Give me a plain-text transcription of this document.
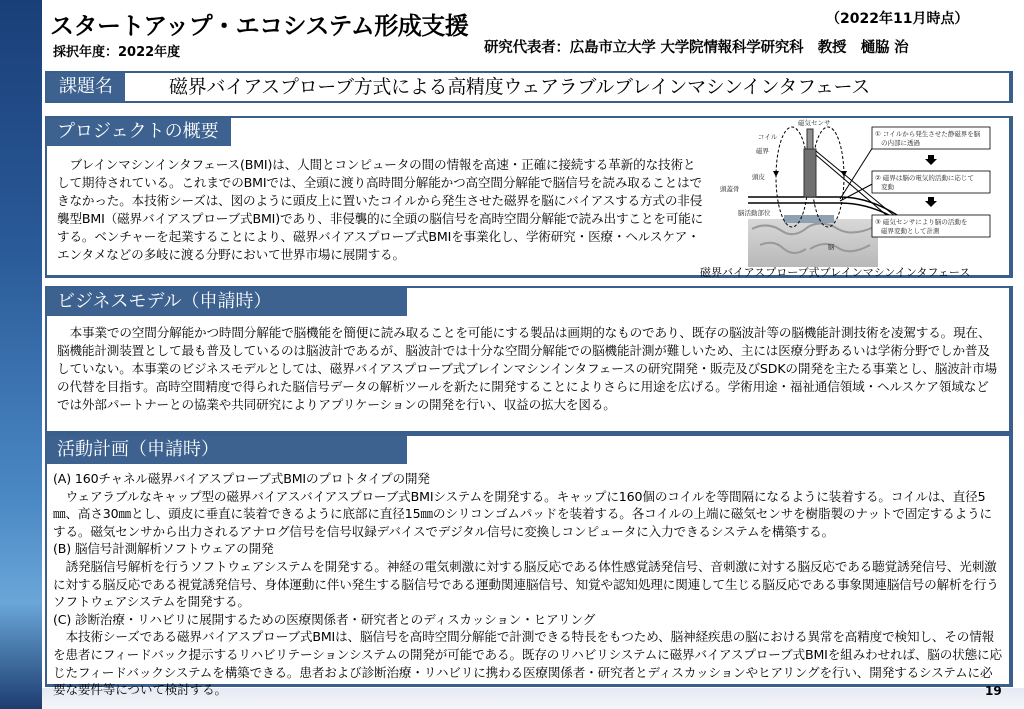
スタートアップ・エコシステム形成支援
採択年度：2022年度
（2022年11月時点）
研究代表者：広島市立大学 大学院情報科学研究科　教授　樋脇 治
課題名	磁界バイアスプローブ方式による高精度ウェアラブルブレインマシンインタフェース
プロジェクトの概要

ブレインマシンインタフェース(BMI)は、人間とコンピュータの間の情報を高速・正確に接続する革新的な技術として期待されている。これまでのBMIでは、全頭に渡り高時間分解能かつ高空間分解能で脳信号を読み取ることはできなかった。本技術シーズは、図のように頭皮上に置いたコイルから発生させた磁界を脳にバイアスする方式の非侵襲型BMI（磁界バイアスプローブ式BMI)であり、非侵襲的に全頭の脳信号を高時空間分解能で読み出すことを可能にする。ベンチャーを起業することにより、磁界バイアスプローブ式BMIを事業化し、学術研究・医療・ヘルスケア・エンタメなどの多岐に渡る分野において世界市場に展開する。

磁気センサ
コイル
磁界
頭皮
頭蓋骨
脳活動部位
脳
① コイルから発生させた静磁界を脳
の内部に透過
② 磁界は脳の電気的活動に応じて
変動
③ 磁気センサにより脳の活動を
磁界変動として計測
磁界バイアスプローブ式ブレインマシンインタフェース
ビジネスモデル（申請時）

本事業での空間分解能かつ時間分解能で脳機能を簡便に読み取ることを可能にする製品は画期的なものであり、既存の脳波計等の脳機能計測技術を凌駕する。現在、脳機能計測装置として最も普及しているのは脳波計であるが、脳波計では十分な空間分解能での脳機能計測が難しいため、主には医療分野あるいは学術分野でしか普及していない。本事業のビジネスモデルとしては、磁界バイアスプローブ式ブレインマシンインタフェースの研究開発・販売及びSDKの開発を主たる事業とし、脳波計市場の代替を目指す。高時空間精度で得られた脳信号データの解析ツールを新たに開発することによりさらに用途を広げる。学術用途・福祉通信領域・ヘルスケア領域などでは外部パートナーとの協業や共同研究によりアプリケーションの開発を行い、収益の拡大を図る。

活動計画（申請時）

(A) 160チャネル磁界バイアスプローブ式BMIのプロトタイプの開発

ウェアラブルなキャップ型の磁界バイアスバイアスプローブ式BMIシステムを開発する。キャップに160個のコイルを等間隔になるように装着する。コイルは、直径5㎜、高さ30㎜とし、頭皮に垂直に装着できるように底部に直径15㎜のシリコンゴムパッドを装着する。各コイルの上端に磁気センサを樹脂製のナットで固定するようにする。磁気センサから出力されるアナログ信号を信号収録デバイスでデジタル信号に変換しコンピュータに入力できるシステムを構築する。

(B) 脳信号計測解析ソフトウェアの開発

誘発脳信号解析を行うソフトウェアシステムを開発する。神経の電気刺激に対する脳反応である体性感覚誘発信号、音刺激に対する脳反応である聴覚誘発信号、光刺激に対する脳反応である視覚誘発信号、身体運動に伴い発生する脳信号である運動関連脳信号、知覚や認知処理に関連して生じる脳反応である事象関連脳信号の解析を行うソフトウェアシステムを開発する。

(C) 診断治療・リハビリに展開するための医療関係者・研究者とのディスカッション・ヒアリング

本技術シーズである磁界バイアスプローブ式BMIは、脳信号を高時空間分解能で計測できる特長をもつため、脳神経疾患の脳における異常を高精度で検知し、その情報を患者にフィードバック提示するリハビリテーションシステムの開発が可能である。既存のリハビリシステムに磁界バイアスプローブ式BMIを組みわせれば、脳の状態に応じたフィードバックシステムを構築できる。患者および診断治療・リハビリに携わる医療関係者・研究者とディスカッションやヒアリングを行い、開発するシステムに必要な要件等について検討する。	19
